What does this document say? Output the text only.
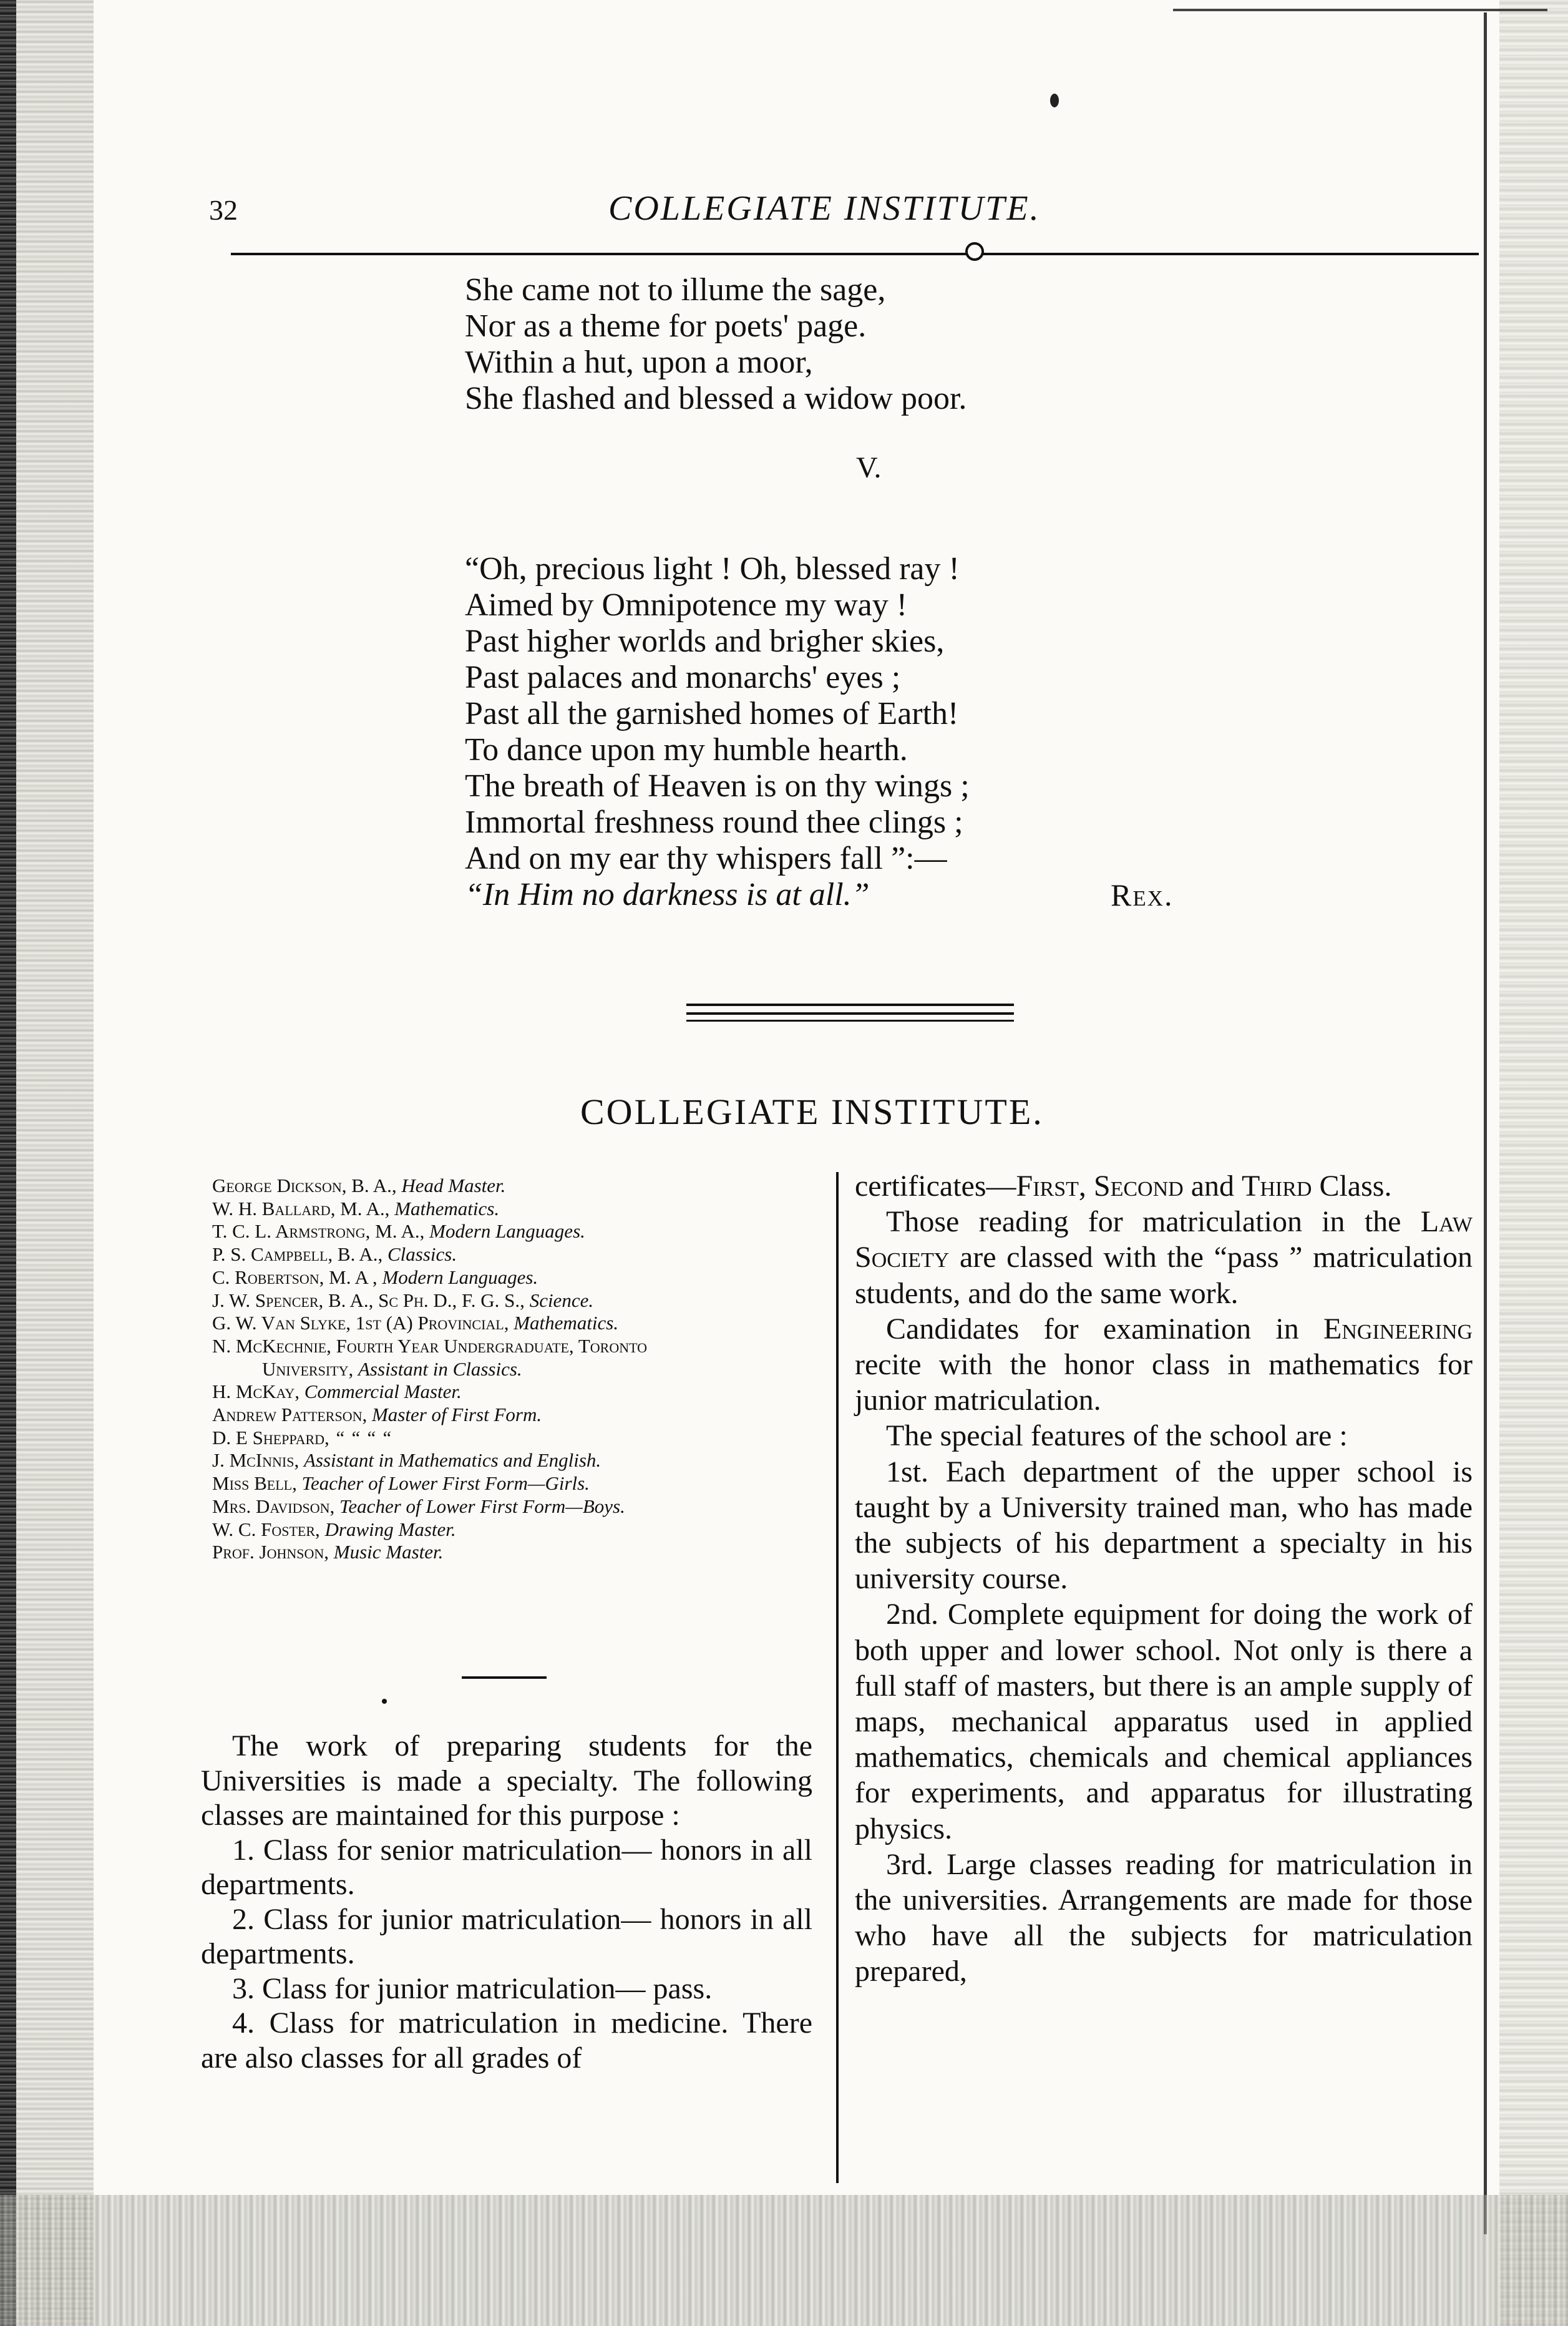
32	COLLEGIATE INSTITUTE.
She came not to illume the sage,
Nor as a theme for poets' page.
Within a hut, upon a moor,
She flashed and blessed a widow poor.
V.
“Oh, precious light ! Oh, blessed ray !
Aimed by Omnipotence my way !
Past higher worlds and brigher skies,
Past palaces and monarchs' eyes ;
Past all the garnished homes of Earth!
To dance upon my humble hearth.
The breath of Heaven is on thy wings ;
Immortal freshness round thee clings ;
And on my ear thy whispers fall ”:—
“In Him no darkness is at all.”	Rex.
COLLEGIATE INSTITUTE.
George Dickson, B. A., Head Master.
W. H. Ballard, M. A., Mathematics.
T. C. L. Armstrong, M. A., Modern Languages.
P. S. Campbell, B. A., Classics.
C. Robertson, M. A , Modern Languages.
J. W. Spencer, B. A., Sc Ph. D., F. G. S., Science.
G. W. Van Slyke, 1st (A) Provincial, Mathematics.
N. McKechnie, Fourth Year Undergraduate, Toronto
University, Assistant in Classics.
H. McKay, Commercial Master.
Andrew Patterson, Master of First Form.
D. E Sheppard, “ “ “ “
J. McInnis, Assistant in Mathematics and English.
Miss Bell, Teacher of Lower First Form—Girls.
Mrs. Davidson, Teacher of Lower First Form—Boys.
W. C. Foster, Drawing Master.
Prof. Johnson, Music Master.

The work of preparing students for the Universities is made a specialty. The following classes are maintained for this purpose :

1. Class for senior matriculation— honors in all departments.

2. Class for junior matriculation— honors in all departments.

3. Class for junior matriculation— pass.

4. Class for matriculation in medicine. There are also classes for all grades of

certificates—First, Second and Third Class.

Those reading for matriculation in the Law Society are classed with the “pass ” matriculation students, and do the same work.

Candidates for examination in Engineering recite with the honor class in mathematics for junior matriculation.

The special features of the school are :

1st. Each department of the upper school is taught by a University trained man, who has made the subjects of his department a specialty in his university course.

2nd. Complete equipment for doing the work of both upper and lower school. Not only is there a full staff of masters, but there is an ample supply of maps, mechanical apparatus used in applied mathematics, chemicals and chemical appliances for experiments, and apparatus for illustrating physics.

3rd. Large classes reading for matriculation in the universities. Arrangements are made for those who have all the subjects for matriculation prepared,
